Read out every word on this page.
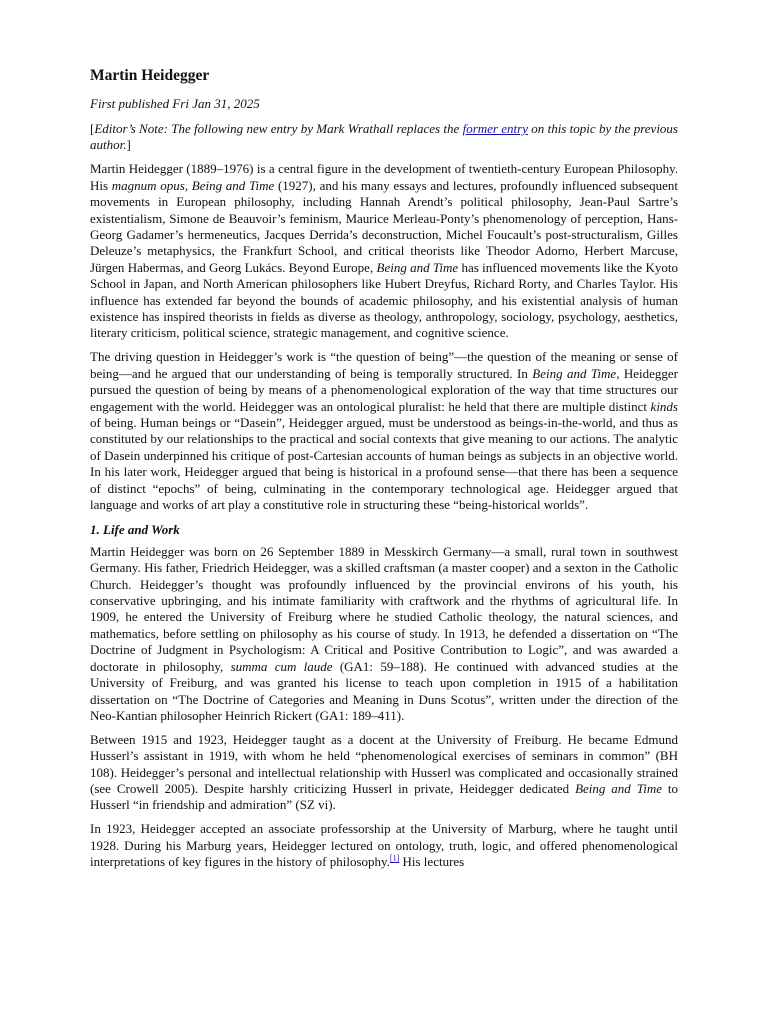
Martin Heidegger
First published Fri Jan 31, 2025

[Editor’s Note: The following new entry by Mark Wrathall replaces the former entry on this topic by the previous author.]

Martin Heidegger (1889–1976) is a central figure in the development of twentieth-century European Philosophy. His magnum opus, Being and Time (1927), and his many essays and lectures, profoundly influenced subsequent movements in European philosophy, including Hannah Arendt’s political philosophy, Jean-Paul Sartre’s existentialism, Simone de Beauvoir’s feminism, Maurice Merleau-Ponty’s phenomenology of perception, Hans-Georg Gadamer’s hermeneutics, Jacques Derrida’s deconstruction, Michel Foucault’s post-structuralism, Gilles Deleuze’s metaphysics, the Frankfurt School, and critical theorists like Theodor Adorno, Herbert Marcuse, Jürgen Habermas, and Georg Lukács. Beyond Europe, Being and Time has influenced movements like the Kyoto School in Japan, and North American philosophers like Hubert Dreyfus, Richard Rorty, and Charles Taylor. His influence has extended far beyond the bounds of academic philosophy, and his existential analysis of human existence has inspired theorists in fields as diverse as theology, anthropology, sociology, psychology, aesthetics, literary criticism, political science, strategic management, and cognitive science.

The driving question in Heidegger’s work is “the question of being”—the question of the meaning or sense of being—and he argued that our understanding of being is temporally structured. In Being and Time, Heidegger pursued the question of being by means of a phenomenological exploration of the way that time structures our engagement with the world. Heidegger was an ontological pluralist: he held that there are multiple distinct kinds of being. Human beings or “Dasein”, Heidegger argued, must be understood as beings-in-the-world, and thus as constituted by our relationships to the practical and social contexts that give meaning to our actions. The analytic of Dasein underpinned his critique of post-Cartesian accounts of human beings as subjects in an objective world. In his later work, Heidegger argued that being is historical in a profound sense—that there has been a sequence of distinct “epochs” of being, culminating in the contemporary technological age. Heidegger argued that language and works of art play a constitutive role in structuring these “being-historical worlds”.

1. Life and Work

Martin Heidegger was born on 26 September 1889 in Messkirch Germany—a small, rural town in southwest Germany. His father, Friedrich Heidegger, was a skilled craftsman (a master cooper) and a sexton in the Catholic Church. Heidegger’s thought was profoundly influenced by the provincial environs of his youth, his conservative upbringing, and his intimate familiarity with craftwork and the rhythms of agricultural life. In 1909, he entered the University of Freiburg where he studied Catholic theology, the natural sciences, and mathematics, before settling on philosophy as his course of study. In 1913, he defended a dissertation on “The Doctrine of Judgment in Psychologism: A Critical and Positive Contribution to Logic”, and was awarded a doctorate in philosophy, summa cum laude (GA1: 59–188). He continued with advanced studies at the University of Freiburg, and was granted his license to teach upon completion in 1915 of a habilitation dissertation on “The Doctrine of Categories and Meaning in Duns Scotus”, written under the direction of the Neo-Kantian philosopher Heinrich Rickert (GA1: 189–411).

Between 1915 and 1923, Heidegger taught as a docent at the University of Freiburg. He became Edmund Husserl’s assistant in 1919, with whom he held “phenomenological exercises of seminars in common” (BH 108). Heidegger’s personal and intellectual relationship with Husserl was complicated and occasionally strained (see Crowell 2005). Despite harshly criticizing Husserl in private, Heidegger dedicated Being and Time to Husserl “in friendship and admiration” (SZ vi).

In 1923, Heidegger accepted an associate professorship at the University of Marburg, where he taught until 1928. During his Marburg years, Heidegger lectured on ontology, truth, logic, and offered phenomenological interpretations of key figures in the history of philosophy.[1] His lectures
